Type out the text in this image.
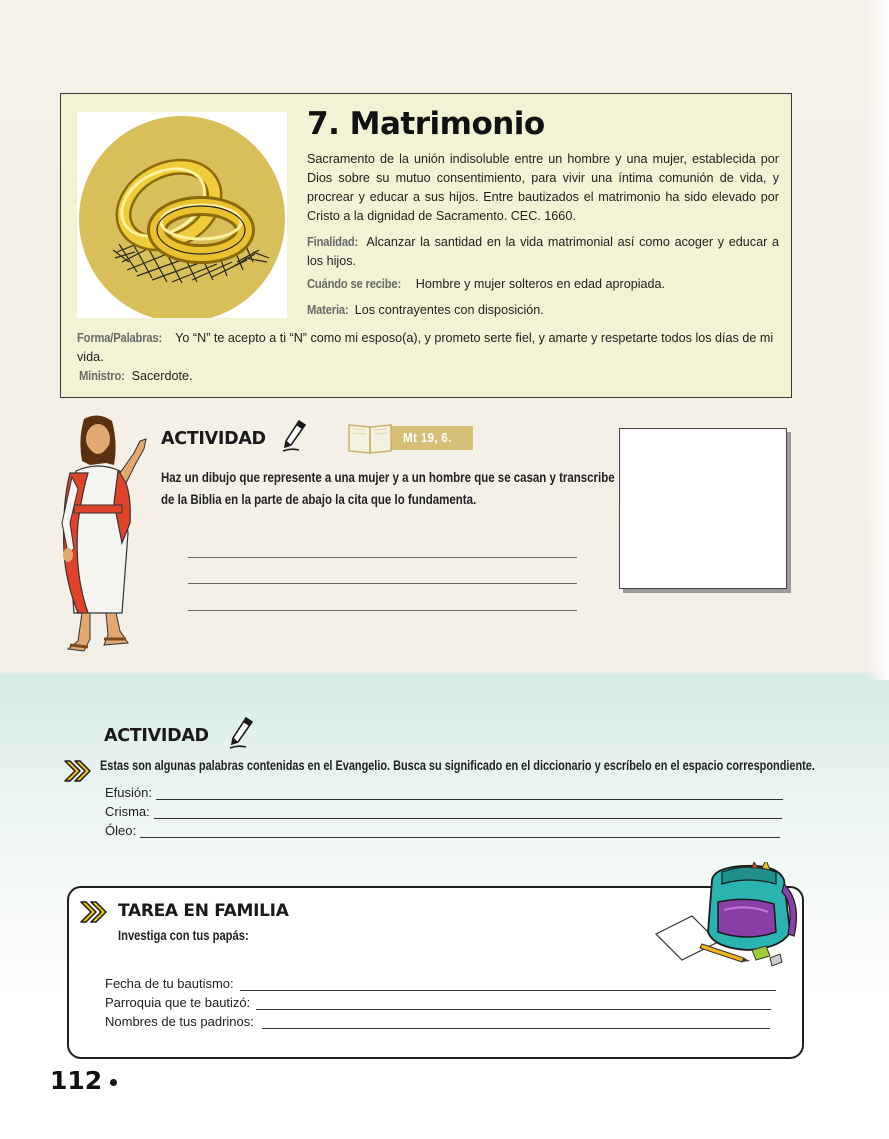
7. Matrimonio
Sacramento de la unión indisoluble entre un hombre y una mujer, establecida por Dios sobre su mutuo consentimiento, para vivir una íntima comunión de vida, y procrear y educar a sus hijos. Entre bautizados el matrimonio ha sido elevado por Cristo a la dignidad de Sacramento. CEC. 1660.
Finalidad: Alcanzar la santidad en la vida matrimonial así como acoger y educar a los hijos.
Cuándo se recibe: Hombre y mujer solteros en edad apropiada.
Materia: Los contrayentes con disposición.
Forma/Palabras: Yo “N” te acepto a ti “N” como mi esposo(a), y prometo serte fiel, y amarte y respetarte todos los días de mi vida.
Ministro: Sacerdote.
ACTIVIDAD	Mt 19, 6.
Haz un dibujo que represente a una mujer y a un hombre que se casan y transcribe de la Biblia en la parte de abajo la cita que lo fundamenta.
ACTIVIDAD
Estas son algunas palabras contenidas en el Evangelio. Busca su significado en el diccionario y escríbelo en el espacio correspondiente.
Efusión:
Crisma:
Óleo:
TAREA EN FAMILIA
Investiga con tus papás:
Fecha de tu bautismo:
Parroquia que te bautizó:
Nombres de tus padrinos:
112
